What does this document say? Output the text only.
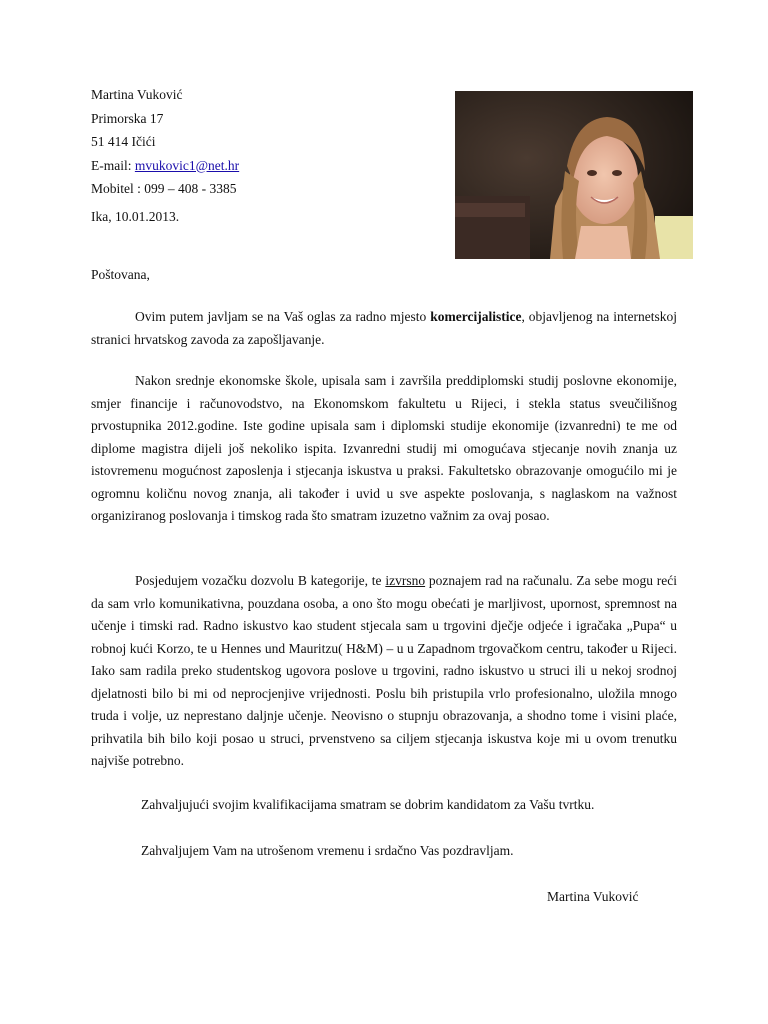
Martina Vuković
Primorska 17
51 414 Ičići
E-mail: mvukovic1@net.hr
Mobitel : 099 – 408 - 3385
Ika, 10.01.2013.
Poštovana,

Ovim putem javljam se na Vaš oglas za radno mjesto komercijalistice, objavljenog na internetskoj stranici hrvatskog zavoda za zapošljavanje.

Nakon srednje ekonomske škole, upisala sam i završila preddiplomski studij poslovne ekonomije, smjer financije i računovodstvo, na Ekonomskom fakultetu u Rijeci, i stekla status sveučilišnog prvostupnika 2012.godine. Iste godine upisala sam i diplomski studije ekonomije (izvanredni) te me od diplome magistra dijeli još nekoliko ispita. Izvanredni studij mi omogućava stjecanje novih znanja uz istovremenu mogućnost zaposlenja i stjecanja iskustva u praksi. Fakultetsko obrazovanje omogućilo mi je ogromnu količnu novog znanja, ali također i uvid u sve aspekte poslovanja, s naglaskom na važnost organiziranog poslovanja i timskog rada što smatram izuzetno važnim za ovaj posao.

Posjedujem vozačku dozvolu B kategorije, te izvrsno poznajem rad na računalu. Za sebe mogu reći da sam vrlo komunikativna, pouzdana osoba, a ono što mogu obećati je marljivost, upornost, spremnost na učenje i timski rad. Radno iskustvo kao student stjecala sam u trgovini dječje odjeće i igračaka „Pupa“ u robnoj kući Korzo, te u Hennes und Mauritzu( H&M) – u u Zapadnom trgovačkom centru, također u Rijeci. Iako sam radila preko studentskog ugovora poslove u trgovini, radno iskustvo u struci ili u nekoj srodnoj djelatnosti bilo bi mi od neprocjenjive vrijednosti. Poslu bih pristupila vrlo profesionalno, uložila mnogo truda i volje, uz neprestano daljnje učenje. Neovisno o stupnju obrazovanja, a shodno tome i visini plaće, prihvatila bih bilo koji posao u struci, prvenstveno sa ciljem stjecanja iskustva koje mi u ovom trenutku najviše potrebno.

Zahvaljujući svojim kvalifikacijama smatram se dobrim kandidatom za Vašu tvrtku.
Zahvaljujem Vam na utrošenom vremenu i srdačno Vas pozdravljam.
Martina Vuković
